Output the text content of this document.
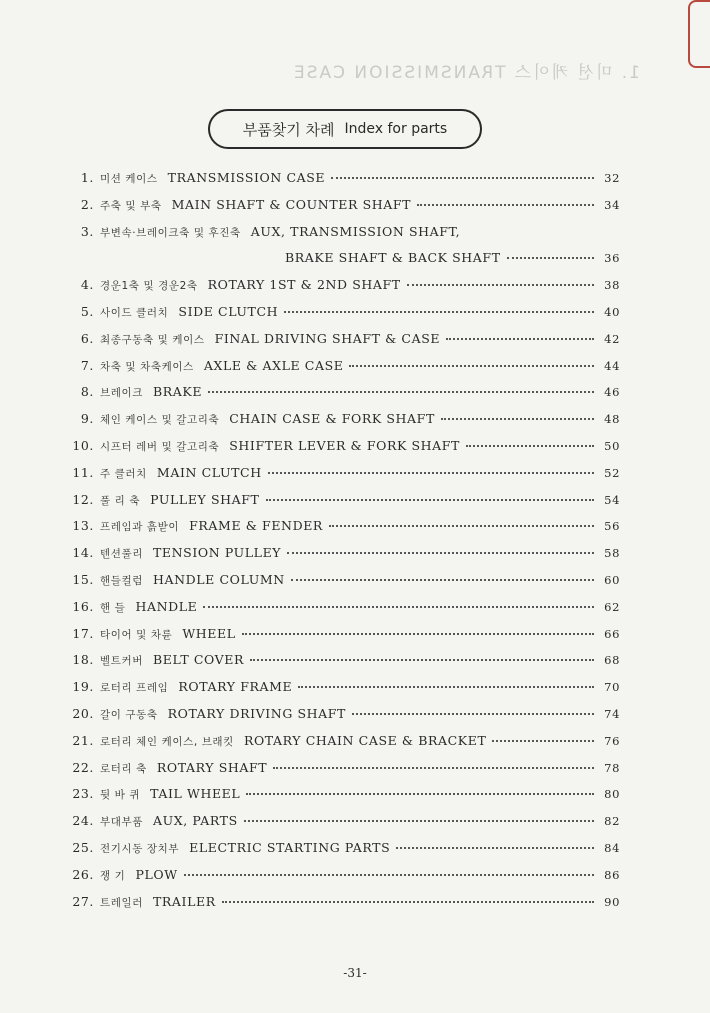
1. 미션 케이스 TRANSMISSION CASE
부품찾기 차례 Index for parts
1. 미션 케이스 TRANSMISSION CASE	32
2. 주축 및 부축 MAIN SHAFT & COUNTER SHAFT	34
3. 부변속·브레이크축 및 후진축 AUX, TRANSMISSION SHAFT,
BRAKE SHAFT & BACK SHAFT	36
4. 경운1축 및 경운2축 ROTARY 1ST & 2ND SHAFT	38
5. 사이드 클러치 SIDE CLUTCH	40
6. 최종구동축 및 케이스 FINAL DRIVING SHAFT & CASE	42
7. 차축 및 차축케이스 AXLE & AXLE CASE	44
8. 브레이크 BRAKE	46
9. 체인 케이스 및 갈고리축 CHAIN CASE & FORK SHAFT	48
10. 시프터 레버 및 갈고리축 SHIFTER LEVER & FORK SHAFT	50
11. 주 클러치 MAIN CLUTCH	52
12. 풀 리 축 PULLEY SHAFT	54
13. 프레임과 흙받이 FRAME & FENDER	56
14. 텐션풀리 TENSION PULLEY	58
15. 핸들컬럼 HANDLE COLUMN	60
16. 핸 들 HANDLE	62
17. 타이어 및 차륜 WHEEL	66
18. 벨트커버 BELT COVER	68
19. 로터리 프레임 ROTARY FRAME	70
20. 갈이 구동축 ROTARY DRIVING SHAFT	74
21. 로터리 체인 케이스, 브래킷 ROTARY CHAIN CASE & BRACKET	76
22. 로터리 축 ROTARY SHAFT	78
23. 뒷 바 퀴 TAIL WHEEL	80
24. 부대부품 AUX, PARTS	82
25. 전기시동 장치부 ELECTRIC STARTING PARTS	84
26. 쟁 기 PLOW	86
27. 트레일러 TRAILER	90
-31-
